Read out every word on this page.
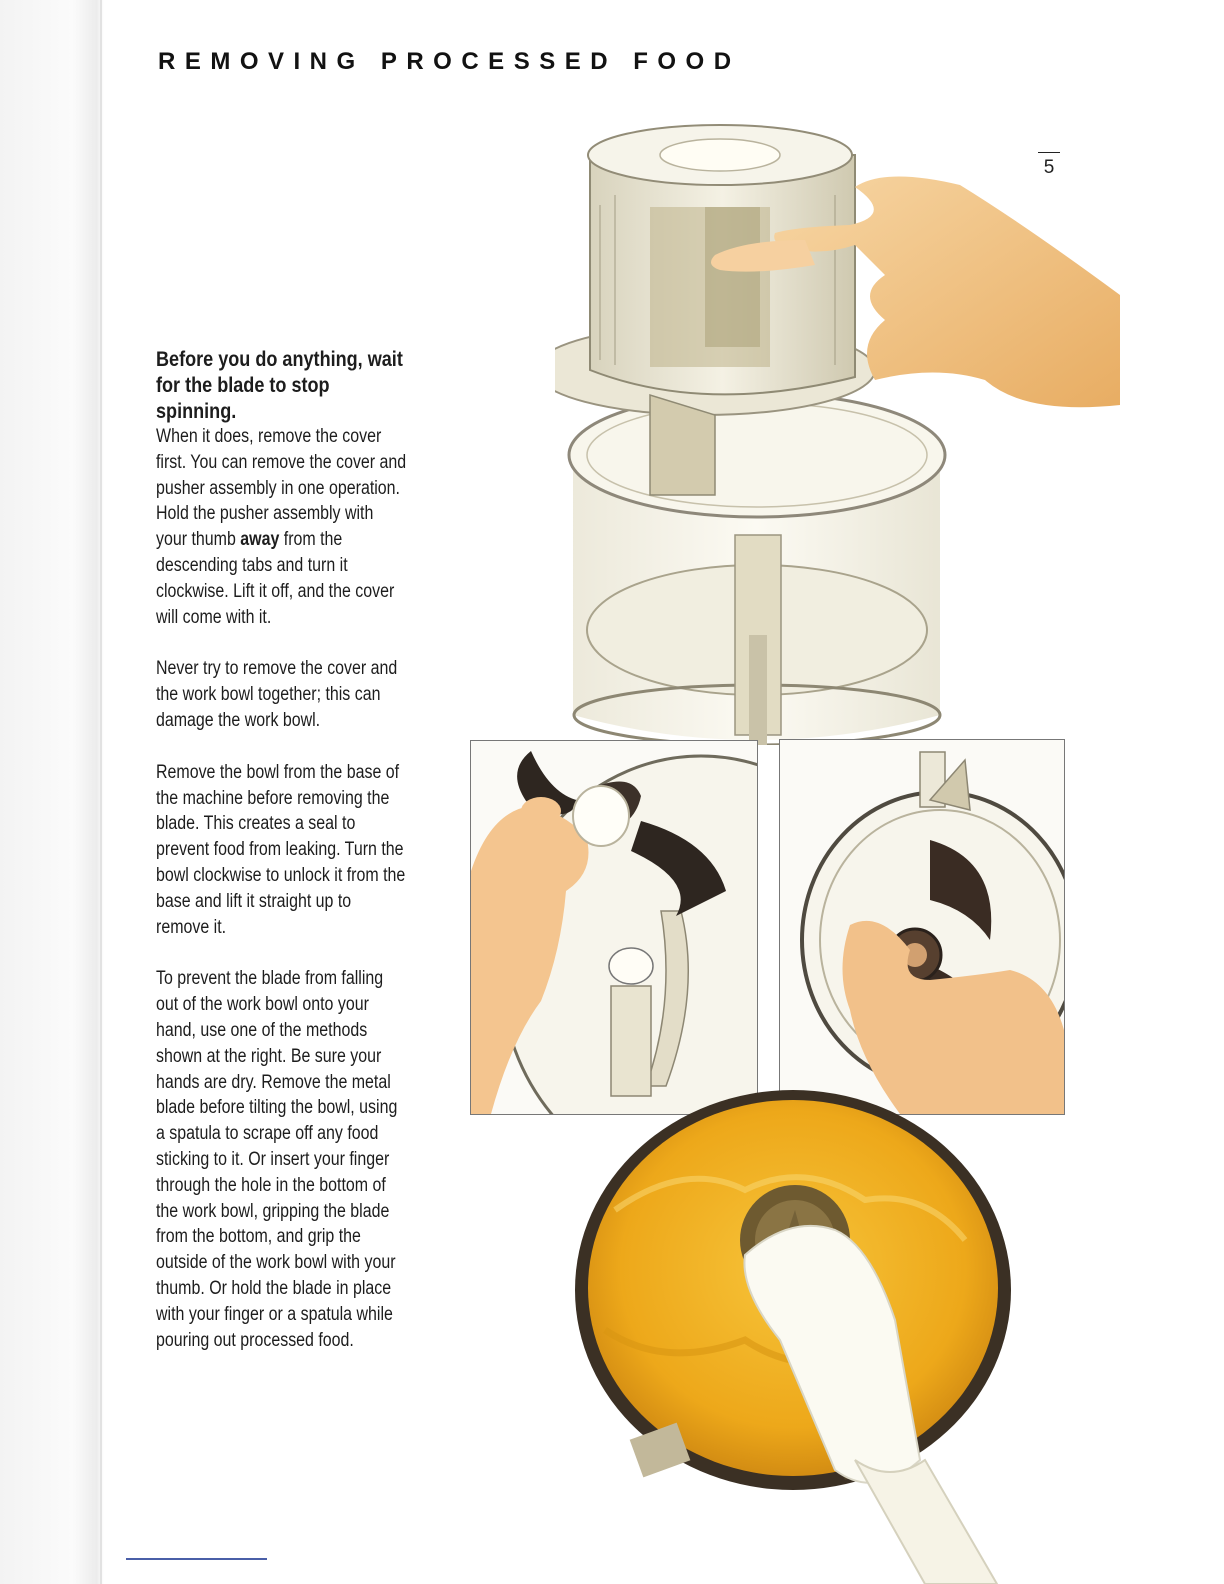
REMOVING PROCESSED FOOD
5

Before you do anything, wait for the blade to stop spinning.
When it does, remove the cover first. You can remove the cover and pusher assembly in one operation. Hold the pusher assembly with your thumb away from the descending tabs and turn it clockwise. Lift it off, and the cover will come with it.

Never try to remove the cover and the work bowl together; this can damage the work bowl.

Remove the bowl from the base of the machine before removing the blade. This creates a seal to prevent food from leaking. Turn the bowl clockwise to unlock it from the base and lift it straight up to remove it.

To prevent the blade from falling out of the work bowl onto your hand, use one of the methods shown at the right. Be sure your hands are dry. Remove the metal blade before tilting the bowl, using a spatula to scrape off any food sticking to it. Or insert your finger through the hole in the bottom of the work bowl, gripping the blade from the bottom, and grip the outside of the work bowl with your thumb. Or hold the blade in place with your finger or a spatula while pouring out processed food.
